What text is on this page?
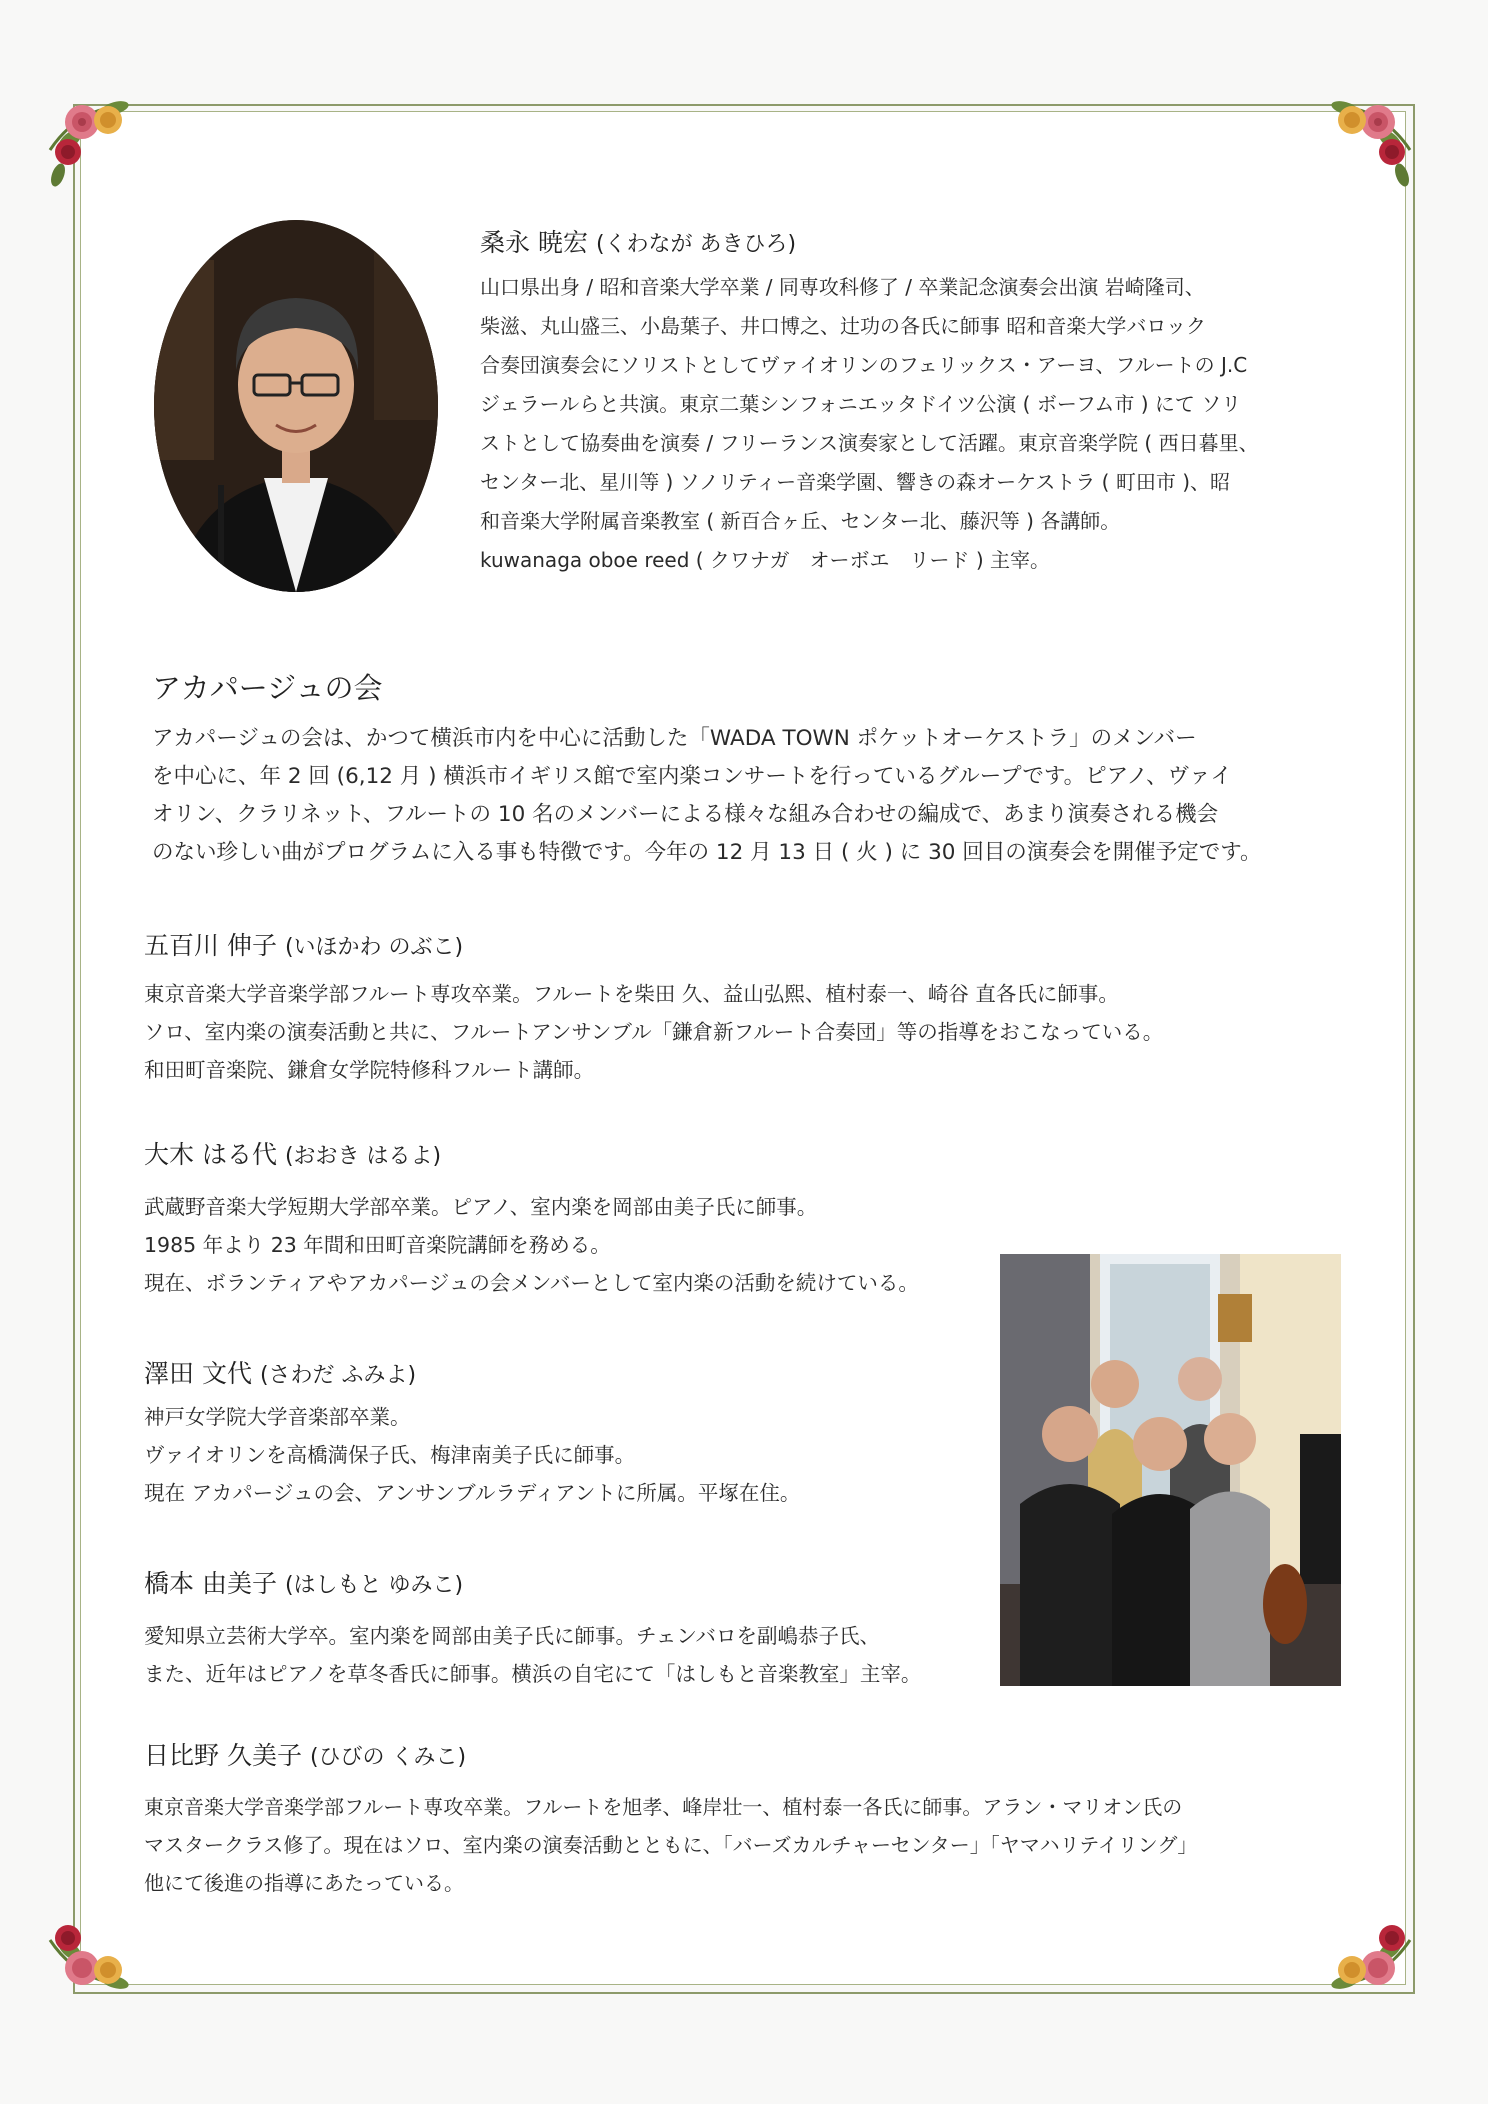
桑永 暁宏 (くわなが あきひろ)

山口県出身 / 昭和音楽大学卒業 / 同専攻科修了 / 卒業記念演奏会出演 岩崎隆司、

柴滋、丸山盛三、小島葉子、井口博之、辻功の各氏に師事 昭和音楽大学バロック

合奏団演奏会にソリストとしてヴァイオリンのフェリックス・アーヨ、フルートの J.C

ジェラールらと共演。東京二葉シンフォニエッタドイツ公演 ( ボーフム市 ) にて ソリ

ストとして協奏曲を演奏 / フリーランス演奏家として活躍。東京音楽学院 ( 西日暮里、

センター北、星川等 ) ソノリティー音楽学園、響きの森オーケストラ ( 町田市 )、昭

和音楽大学附属音楽教室 ( 新百合ヶ丘、センター北、藤沢等 ) 各講師。

kuwanaga oboe reed ( クワナガ　オーボエ　リード ) 主宰。

アカパージュの会

アカパージュの会は、かつて横浜市内を中心に活動した「WADA TOWN ポケットオーケストラ」のメンバー

を中心に、年 2 回 (6,12 月 ) 横浜市イギリス館で室内楽コンサートを行っているグループです。ピアノ、ヴァイ

オリン、クラリネット、フルートの 10 名のメンバーによる様々な組み合わせの編成で、あまり演奏される機会

のない珍しい曲がプログラムに入る事も特徴です。今年の 12 月 13 日 ( 火 ) に 30 回目の演奏会を開催予定です。

五百川 伸子 (いほかわ のぶこ)

東京音楽大学音楽学部フルート専攻卒業。フルートを柴田 久、益山弘熙、植村泰一、崎谷 直各氏に師事。

ソロ、室内楽の演奏活動と共に、フルートアンサンブル「鎌倉新フルート合奏団」等の指導をおこなっている。

和田町音楽院、鎌倉女学院特修科フルート講師。

大木 はる代 (おおき はるよ)

武蔵野音楽大学短期大学部卒業。ピアノ、室内楽を岡部由美子氏に師事。

1985 年より 23 年間和田町音楽院講師を務める。

現在、ボランティアやアカパージュの会メンバーとして室内楽の活動を続けている。

澤田 文代 (さわだ ふみよ)

神戸女学院大学音楽部卒業。

ヴァイオリンを高橋満保子氏、梅津南美子氏に師事。

現在 アカパージュの会、アンサンブルラディアントに所属。平塚在住。

橋本 由美子 (はしもと ゆみこ)

愛知県立芸術大学卒。室内楽を岡部由美子氏に師事。チェンバロを副嶋恭子氏、

また、近年はピアノを草冬香氏に師事。横浜の自宅にて「はしもと音楽教室」主宰。

日比野 久美子 (ひびの くみこ)

東京音楽大学音楽学部フルート専攻卒業。フルートを旭孝、峰岸壮一、植村泰一各氏に師事。アラン・マリオン氏の

マスタークラス修了。現在はソロ、室内楽の演奏活動とともに、「バーズカルチャーセンター」「ヤマハリテイリング」

他にて後進の指導にあたっている。
